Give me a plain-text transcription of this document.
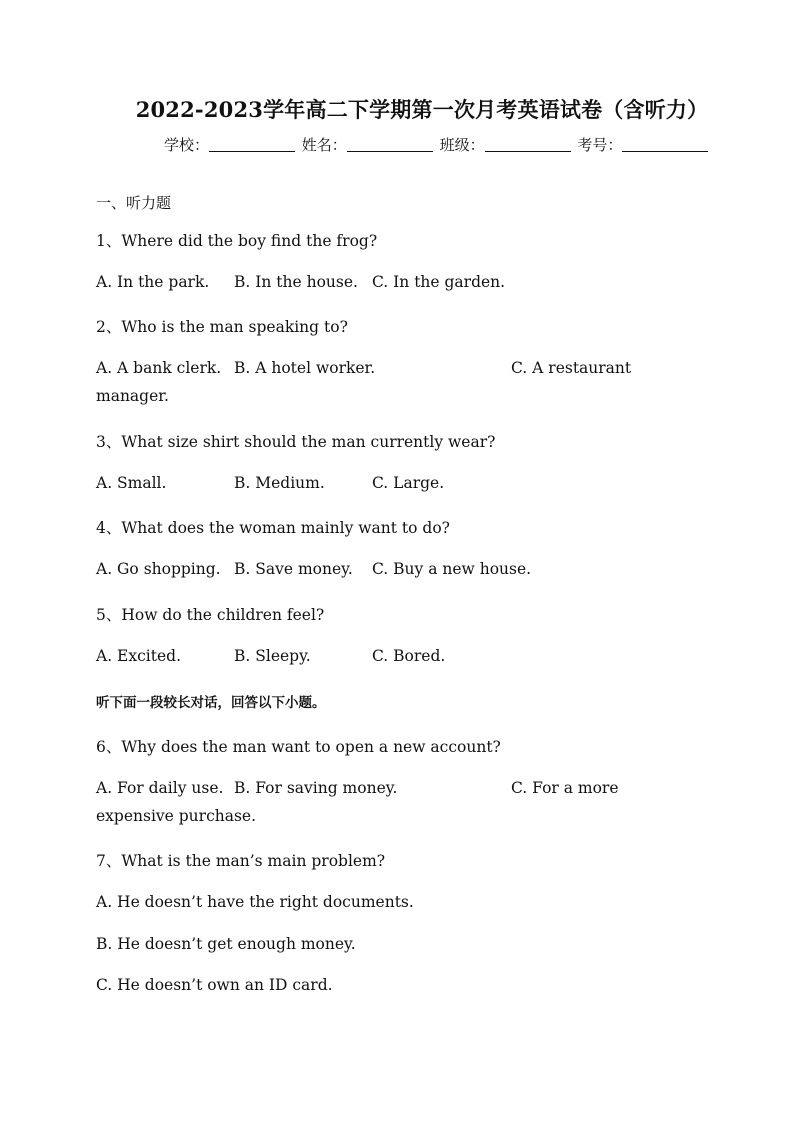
2022-2023学年高二下学期第一次月考英语试卷（含听力）
学校：	姓名：	班级：	考号：
一、听力题
1、Where did the boy find the frog?
A. In the park. B. In the house. C. In the garden.
2、Who is the man speaking to?
A. A bank clerk. B. A hotel worker.	C. A restaurant
manager.
3、What size shirt should the man currently wear?
A. Small.	B. Medium.	C. Large.
4、What does the woman mainly want to do?
A. Go shopping. B. Save money. C. Buy a new house.
5、How do the children feel?
A. Excited.	B. Sleepy.	C. Bored.
听下面一段较长对话，回答以下小题。
6、Why does the man want to open a new account?
A. For daily use. B. For saving money.	C. For a more
expensive purchase.
7、What is the man’s main problem?
A. He doesn’t have the right documents.
B. He doesn’t get enough money.
C. He doesn’t own an ID card.
